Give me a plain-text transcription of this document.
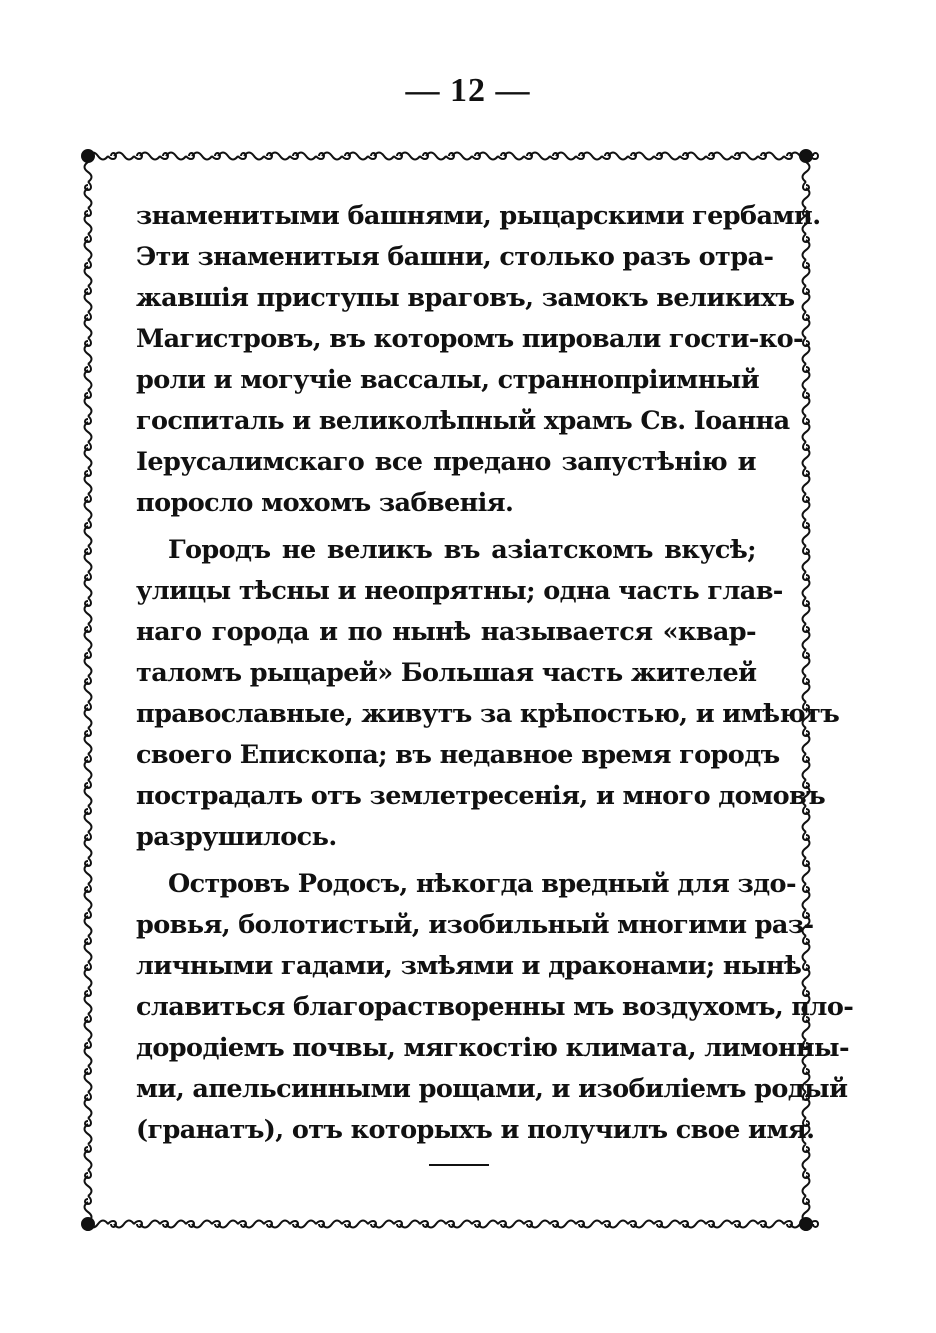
— 12 —
знаменитыми башнями, рыцарскими гербами.
Эти знаменитыя башни, столько разъ отра-
жавшія приступы враговъ, замокъ великихъ
Магистровъ, въ которомъ пировали гости-ко-
роли и могучіе вассалы, страннопріимный
госпиталь и великолѣпный храмъ Св. Іоанна
Іерусалимскаго все предано запустѣнію и
поросло мохомъ забвенія.
Городъ не великъ въ азіатскомъ вкусѣ;
улицы тѣсны и неопрятны; одна часть глав-
наго города и по нынѣ называется «квар-
таломъ рыцарей» Большая часть жителей
православные, живутъ за крѣпостью, и имѣютъ
своего Епископа; въ недавное время городъ
пострадалъ отъ землетресенія, и много домовъ
разрушилось.
Островъ Родосъ, нѣкогда вредный для здо-
ровья, болотистый, изобильный многими раз-
личными гадами, змѣями и драконами; нынѣ
славиться благорастворенны мъ воздухомъ, пло-
дородіемъ почвы, мягкостію климата, лимонны-
ми, апельсинными рощами, и изобиліемъ родый
(гранатъ), отъ которыхъ и получилъ свое имя.
